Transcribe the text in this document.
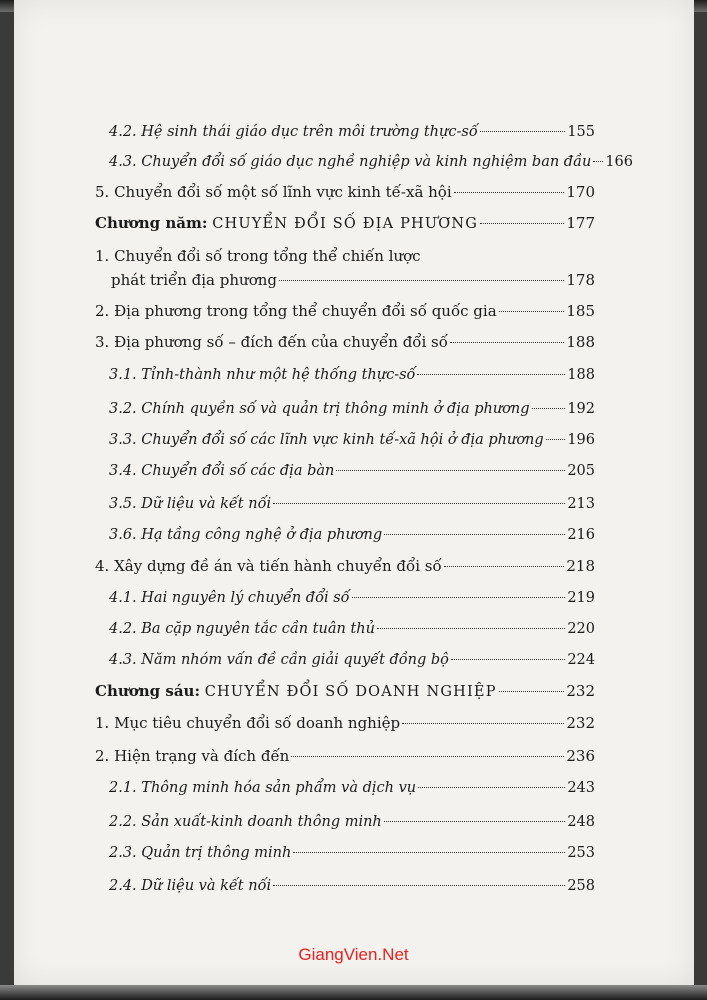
4.2. Hệ sinh thái giáo dục trên môi trường thực-số	155
4.3. Chuyển đổi số giáo dục nghề nghiệp và kinh nghiệm ban đầu 166
5. Chuyển đổi số một số lĩnh vực kinh tế-xã hội	170
Chương năm: CHUYỂN ĐỔI SỐ ĐỊA PHƯƠNG	177
1. Chuyển đổi số trong tổng thể chiến lược
phát triển địa phương	178
2. Địa phương trong tổng thể chuyển đổi số quốc gia	185
3. Địa phương số – đích đến của chuyển đổi số	188
3.1. Tỉnh-thành như một hệ thống thực-số	188
3.2. Chính quyền số và quản trị thông minh ở địa phương	192
3.3. Chuyển đổi số các lĩnh vực kinh tế-xã hội ở địa phương 196
3.4. Chuyển đổi số các địa bàn	205
3.5. Dữ liệu và kết nối	213
3.6. Hạ tầng công nghệ ở địa phương	216
4. Xây dựng đề án và tiến hành chuyển đổi số	218
4.1. Hai nguyên lý chuyển đổi số	219
4.2. Ba cặp nguyên tắc cần tuân thủ	220
4.3. Năm nhóm vấn đề cần giải quyết đồng bộ	224
Chương sáu: CHUYỂN ĐỔI SỐ DOANH NGHIỆP	232
1. Mục tiêu chuyển đổi số doanh nghiệp	232
2. Hiện trạng và đích đến	236
2.1. Thông minh hóa sản phẩm và dịch vụ	243
2.2. Sản xuất-kinh doanh thông minh	248
2.3. Quản trị thông minh	253
2.4. Dữ liệu và kết nối	258
GiangVien.Net
